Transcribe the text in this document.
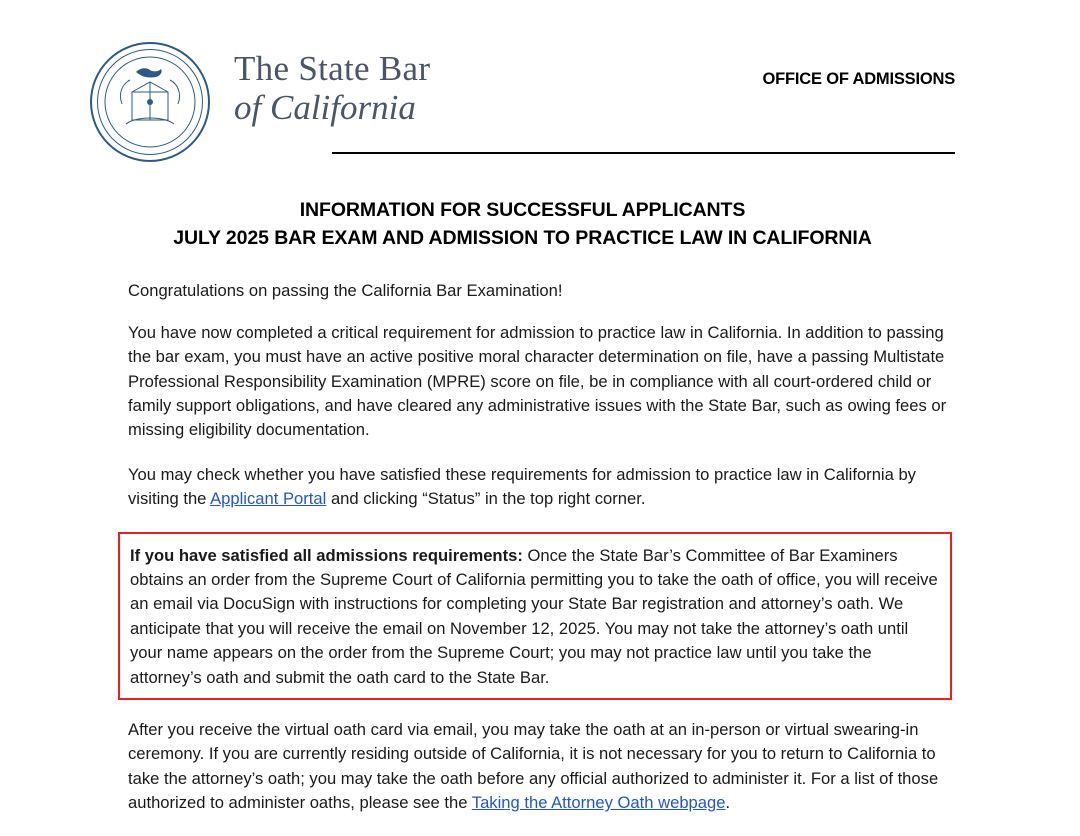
The State Bar
of California
OFFICE OF ADMISSIONS
INFORMATION FOR SUCCESSFUL APPLICANTS
JULY 2025 BAR EXAM AND ADMISSION TO PRACTICE LAW IN CALIFORNIA

Congratulations on passing the California Bar Examination!

You have now completed a critical requirement for admission to practice law in California. In addition to passing the bar exam, you must have an active positive moral character determination on file, have a passing Multistate Professional Responsibility Examination (MPRE) score on file, be in compliance with all court-ordered child or family support obligations, and have cleared any administrative issues with the State Bar, such as owing fees or missing eligibility documentation.

You may check whether you have satisfied these requirements for admission to practice law in California by visiting the Applicant Portal and clicking “Status” in the top right corner.

If you have satisfied all admissions requirements: Once the State Bar’s Committee of Bar Examiners obtains an order from the Supreme Court of California permitting you to take the oath of office, you will receive an email via DocuSign with instructions for completing your State Bar registration and attorney’s oath. We anticipate that you will receive the email on November 12, 2025. You may not take the attorney’s oath until your name appears on the order from the Supreme Court; you may not practice law until you take the attorney’s oath and submit the oath card to the State Bar.

After you receive the virtual oath card via email, you may take the oath at an in-person or virtual swearing-in ceremony. If you are currently residing outside of California, it is not necessary for you to return to California to take the attorney’s oath; you may take the oath before any official authorized to administer it. For a list of those authorized to administer oaths, please see the Taking the Attorney Oath webpage.
